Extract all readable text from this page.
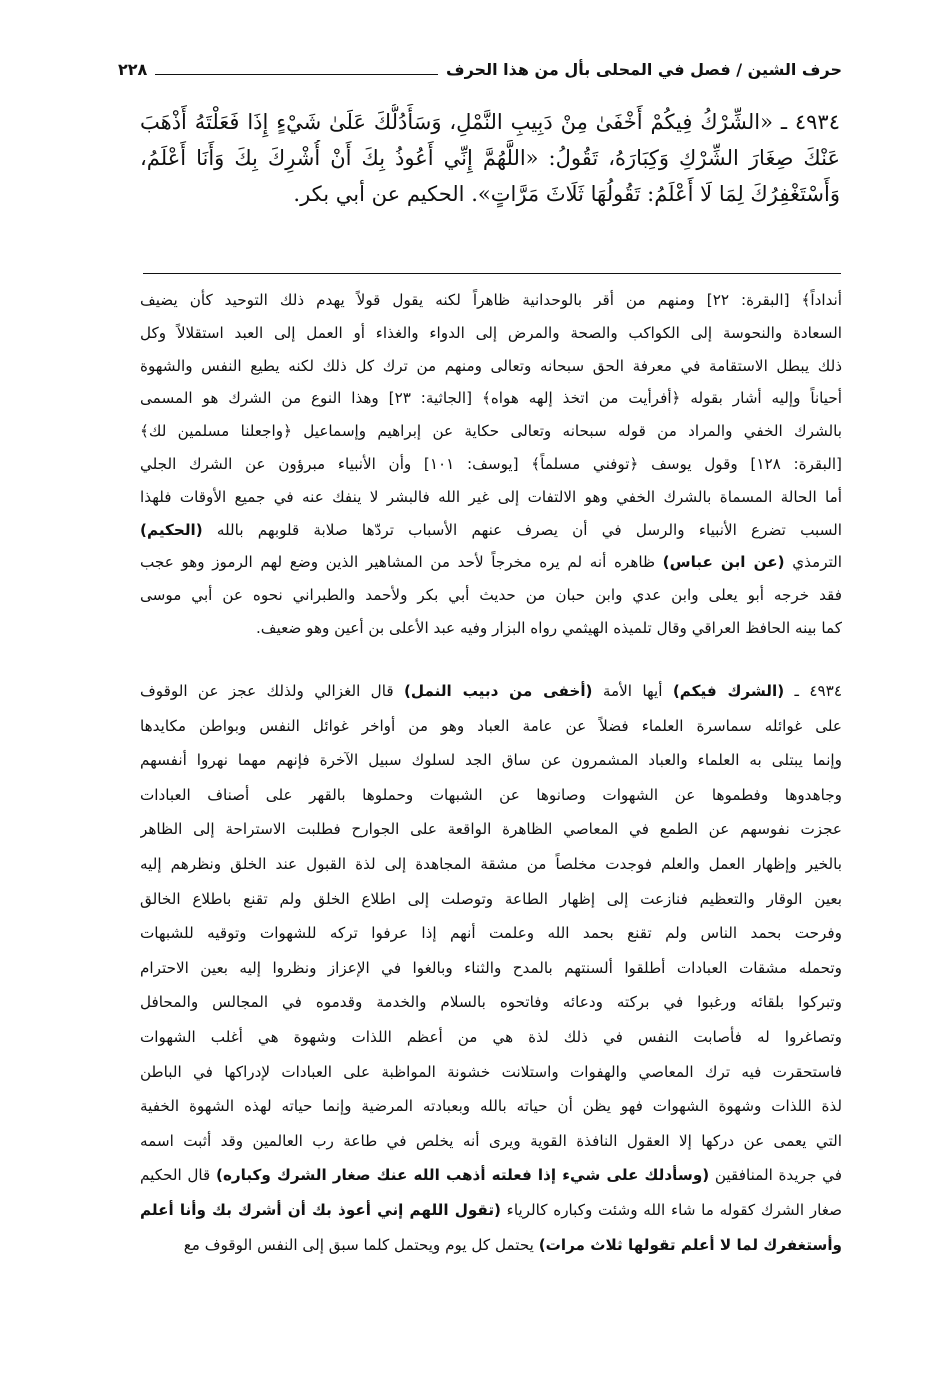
حرف الشين / فصل في المحلى بأل من هذا الحرف
٢٢٨
٤٩٣٤ ـ «الشِّرْكُ فِيكُمْ أَخْفَىٰ مِنْ دَبِيبِ النَّمْلِ، وَسَأَدُلُّكَ عَلَىٰ شَيْءٍ إِذَا فَعَلْتَهُ أَذْهَبَ
عَنْكَ صِغَارَ الشِّرْكِ وَكِبَارَهُ، تَقُولُ: «اللَّهُمَّ إِنِّي أَعُوذُ بِكَ أَنْ أُشْرِكَ بِكَ وَأَنَا أَعْلَمُ،
وَأَسْتَغْفِرُكَ لِمَا لَا أَعْلَمُ: تَقُولُهَا ثَلَاثَ مَرَّاتٍ». الحكيم عن أبي بكر.
أنداداً﴾ [البقرة: ٢٢] ومنهم من أقر بالوحدانية ظاهراً لكنه يقول قولاً يهدم ذلك التوحيد كأن يضيف
السعادة والنحوسة إلى الكواكب والصحة والمرض إلى الدواء والغذاء أو العمل إلى العبد استقلالاً وكل
ذلك يبطل الاستقامة في معرفة الحق سبحانه وتعالى ومنهم من ترك كل ذلك لكنه يطيع النفس والشهوة
أحياناً وإليه أشار بقوله ﴿أفرأيت من اتخذ إلهه هواه﴾ [الجاثية: ٢٣] وهذا النوع من الشرك هو المسمى
بالشرك الخفي والمراد من قوله سبحانه وتعالى حكاية عن إبراهيم وإسماعيل ﴿واجعلنا مسلمين لك﴾
[البقرة: ١٢٨] وقول يوسف ﴿توفني مسلماً﴾ [يوسف: ١٠١] وأن الأنبياء مبرؤون عن الشرك الجلي
أما الحالة المسماة بالشرك الخفي وهو الالتفات إلى غير الله فالبشر لا ينفك عنه في جميع الأوقات فلهذا
السبب تضرع الأنبياء والرسل في أن يصرف عنهم الأسباب تردّها صلابة قلوبهم بالله (الحكيم)
الترمذي (عن ابن عباس) ظاهره أنه لم يره مخرجاً لأحد من المشاهير الذين وضع لهم الرموز وهو عجب
فقد خرجه أبو يعلى وابن عدي وابن حبان من حديث أبي بكر ولأحمد والطبراني نحوه عن أبي موسى
كما بينه الحافظ العراقي وقال تلميذه الهيثمي رواه البزار وفيه عبد الأعلى بن أعين وهو ضعيف.
٤٩٣٤ ـ (الشرك فيكم) أيها الأمة (أخفى من دبيب النمل) قال الغزالي ولذلك عجز عن الوقوف
على غوائله سماسرة العلماء فضلاً عن عامة العباد وهو من أواخر غوائل النفس وبواطن مكايدها
وإنما يبتلى به العلماء والعباد المشمرون عن ساق الجد لسلوك سبيل الآخرة فإنهم مهما نهروا أنفسهم
وجاهدوها وفطموها عن الشهوات وصانوها عن الشبهات وحملوها بالقهر على أصناف العبادات
عجزت نفوسهم عن الطمع في المعاصي الظاهرة الواقعة على الجوارح فطلبت الاستراحة إلى الظاهر
بالخير وإظهار العمل والعلم فوجدت مخلصاً من مشقة المجاهدة إلى لذة القبول عند الخلق ونظرهم إليه
بعين الوقار والتعظيم فنازعت إلى إظهار الطاعة وتوصلت إلى اطلاع الخلق ولم تقنع باطلاع الخالق
وفرحت بحمد الناس ولم تقنع بحمد الله وعلمت أنهم إذا عرفوا تركه للشهوات وتوقيه للشبهات
وتحمله مشقات العبادات أطلقوا ألسنتهم بالمدح والثناء وبالغوا في الإعزاز ونظروا إليه بعين الاحترام
وتبركوا بلقائه ورغبوا في بركته ودعائه وفاتحوه بالسلام والخدمة وقدموه في المجالس والمحافل
وتصاغروا له فأصابت النفس في ذلك لذة هي من أعظم اللذات وشهوة هي أغلب الشهوات
فاستحقرت فيه ترك المعاصي والهفوات واستلانت خشونة المواظبة على العبادات لإدراكها في الباطن
لذة اللذات وشهوة الشهوات فهو يظن أن حياته بالله وبعبادته المرضية وإنما حياته لهذه الشهوة الخفية
التي يعمى عن دركها إلا العقول النافذة القوية ويرى أنه يخلص في طاعة رب العالمين وقد أثبت اسمه
في جريدة المنافقين (وسأدلك على شيء إذا فعلته أذهب الله عنك صغار الشرك وكباره) قال الحكيم
صغار الشرك كقوله ما شاء الله وشئت وكباره كالرياء (تقول اللهم إني أعوذ بك أن أشرك بك وأنا أعلم
وأستغفرك لما لا أعلم تقولها ثلاث مرات) يحتمل كل يوم ويحتمل كلما سبق إلى النفس الوقوف مع
